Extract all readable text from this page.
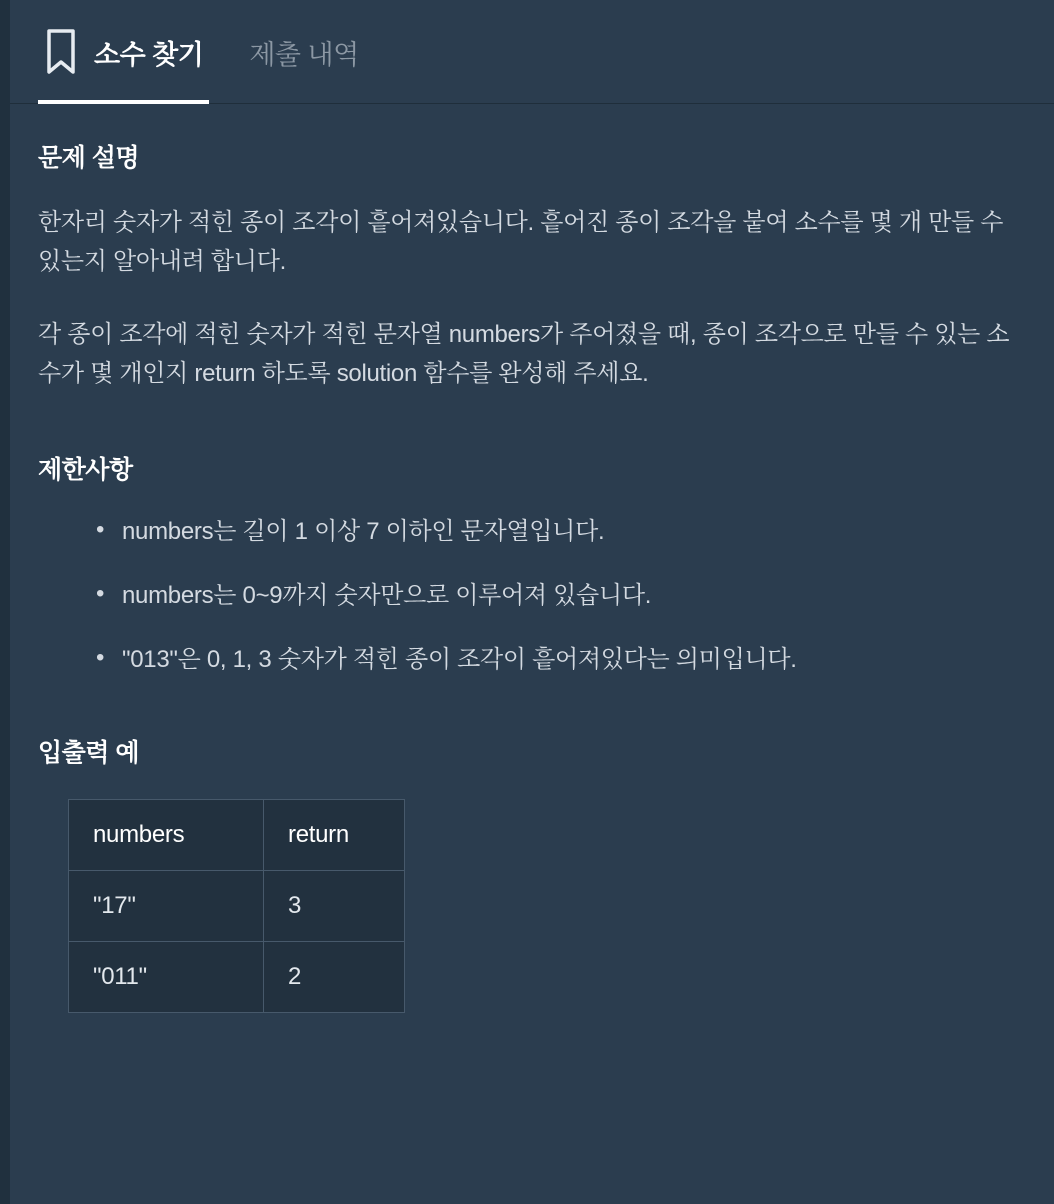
소수 찾기 제출 내역
문제 설명

한자리 숫자가 적힌 종이 조각이 흩어져있습니다. 흩어진 종이 조각을 붙여 소수를 몇 개 만들 수 있는지 알아내려 합니다.

각 종이 조각에 적힌 숫자가 적힌 문자열 numbers가 주어졌을 때, 종이 조각으로 만들 수 있는 소수가 몇 개인지 return 하도록 solution 함수를 완성해 주세요.

제한사항
• numbers는 길이 1 이상 7 이하인 문자열입니다.
• numbers는 0~9까지 숫자만으로 이루어져 있습니다.
• "013"은 0, 1, 3 숫자가 적힌 종이 조각이 흩어져있다는 의미입니다.
입출력 예
numbers	return
"17"	3
"011"	2
